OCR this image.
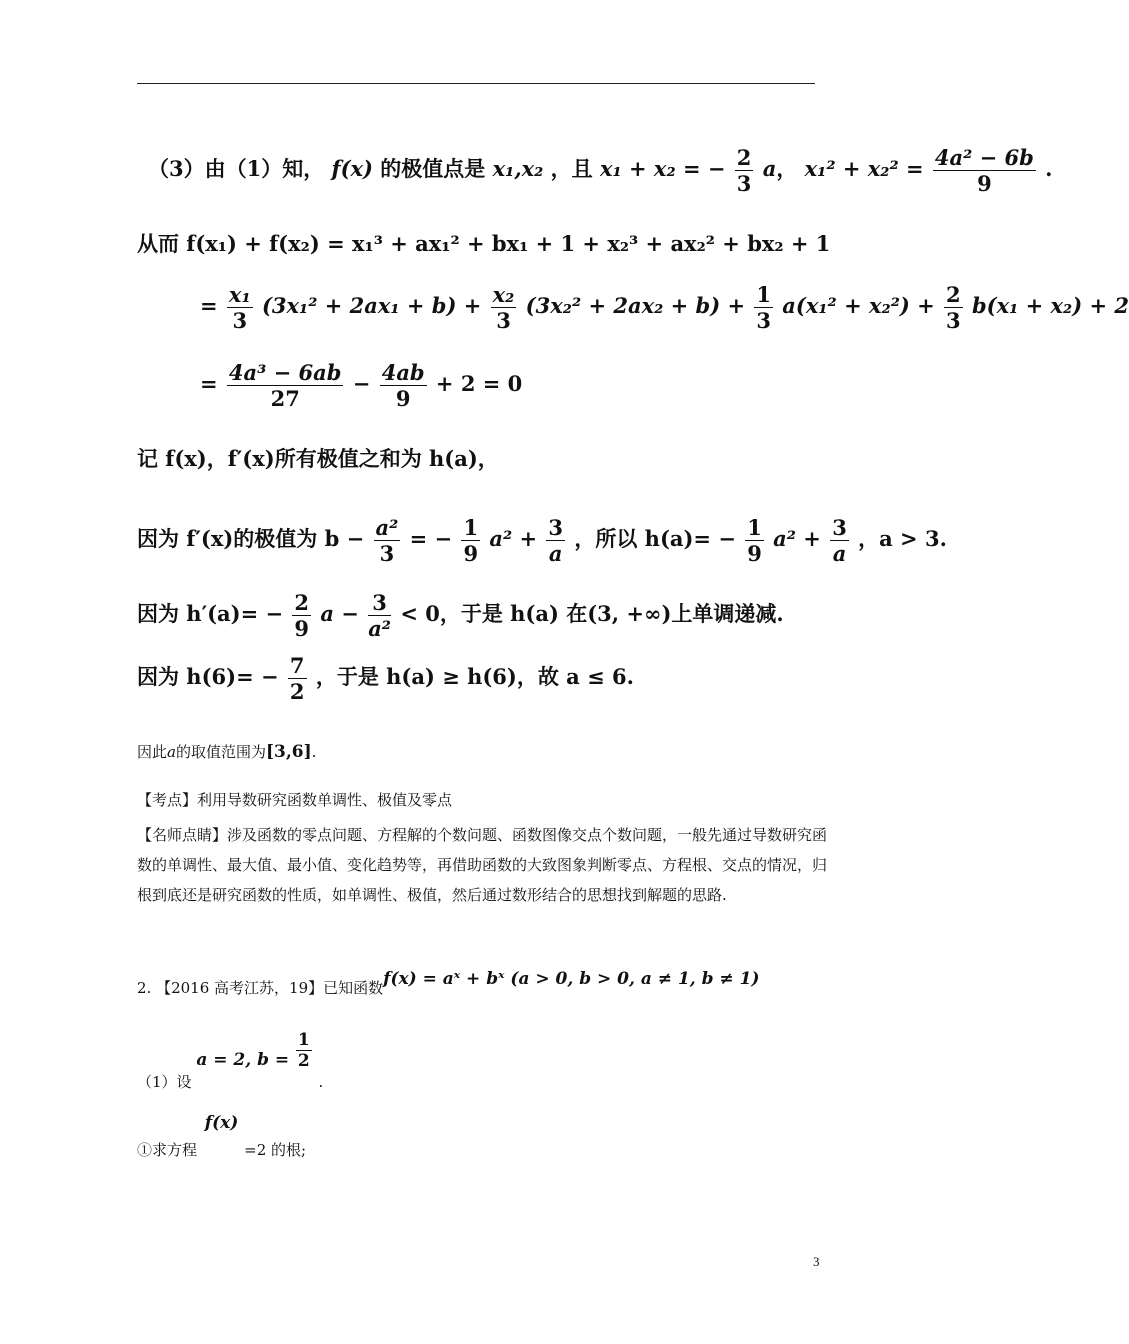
（3）由（1）知， f(x) 的极值点是 x₁,x₂ ，且 x₁ + x₂ = − $\frac{2}{3}$ a， $x_1^2 + x_2^2 = \frac{\text{4a² − 6b}}{9}$ .
从而 f(x₁) + f(x₂) = x₁³ + ax₁² + bx₁ + 1 + x₂³ + ax₂² + bx₂ + 1
= $\frac{\text{x₁}}{3} (3x_1^2 + 2ax_1 + b) + \frac{\text{x₂}}{3} (3x_2^2 + 2ax_2 + b) + \frac{1}{3} a(x_1^2 + x_2^2) + \frac{2}{3} b(x_1 + x_2) + 2$
= $\frac{\text{4a³ − 6ab}}{27} - \frac{4ab}{9} + 2 = 0$
记 f(x)，f′(x)所有极值之和为 h(a)，
因为 f′(x)的极值为 $b - \frac{\text{a²}}{3}$ = − $\frac{1}{9} a^2 + \frac{3}{a}$ ，所以 $h(a)= - \frac{1}{9} a^2 + \frac{3}{a}$ ，a > 3.
因为 $h'(a)= - \frac{2}{9}$ $a - \frac{3}{\text{a²}} < 0$，于是 h(a) 在(3, +∞)上单调递减.
因为 $h(6)= - \frac{7}{2}$ ，于是 h(a) ≥ h(6)，故 a ≤ 6.
因此a的取值范围为[3,6].
【考点】利用导数研究函数单调性、极值及零点
【名师点睛】涉及函数的零点问题、方程解的个数问题、函数图像交点个数问题，一般先通过导数研究函数的单调性、最大值、最小值、变化趋势等，再借助函数的大致图象判断零点、方程根、交点的情况，归根到底还是研究函数的性质，如单调性、极值，然后通过数形结合的思想找到解题的思路.
2. 【2016 高考江苏，19】已知函数f(x) = aˣ + bˣ (a > 0, b > 0, a ≠ 1, b ≠ 1)
（1）设 a = 2, $b = \frac{1}{2}$
.
①求方程 f(x) =2 的根;
3
